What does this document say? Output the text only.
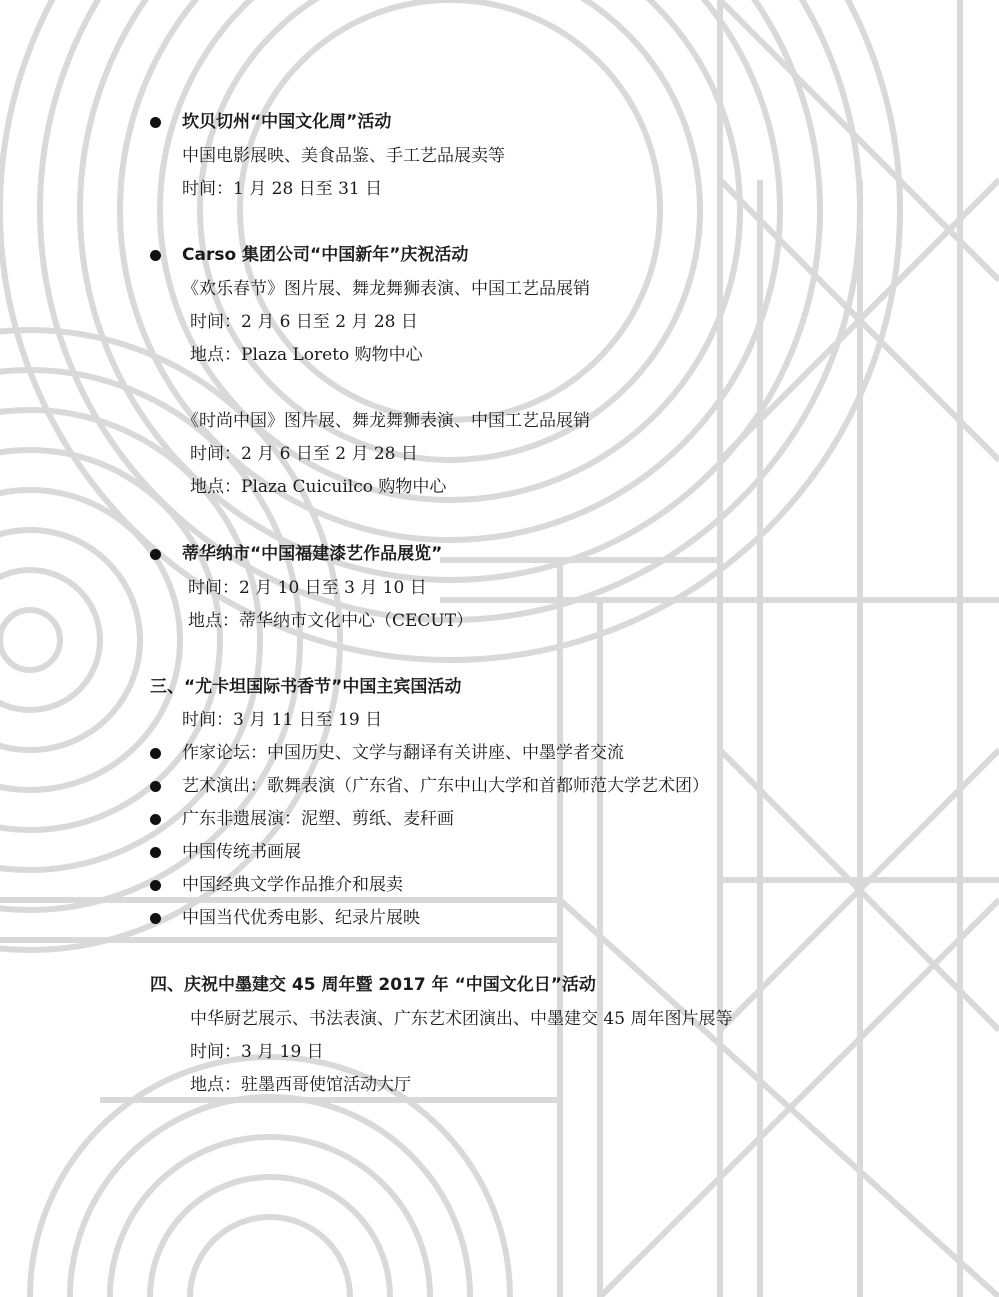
坎贝切州“中国文化周”活动
中国电影展映、美食品鉴、手工艺品展卖等
时间：1 月 28 日至 31 日
Carso 集团公司“中国新年”庆祝活动
《欢乐春节》图片展、舞龙舞狮表演、中国工艺品展销
时间：2 月 6 日至 2 月 28 日
地点：Plaza Loreto 购物中心
《时尚中国》图片展、舞龙舞狮表演、中国工艺品展销
时间：2 月 6 日至 2 月 28 日
地点：Plaza Cuicuilco 购物中心
蒂华纳市“中国福建漆艺作品展览”
时间：2 月 10 日至 3 月 10 日
地点：蒂华纳市文化中心（CECUT）
三、“尤卡坦国际书香节”中国主宾国活动
时间：3 月 11 日至 19 日
作家论坛：中国历史、文学与翻译有关讲座、中墨学者交流
艺术演出：歌舞表演（广东省、广东中山大学和首都师范大学艺术团）
广东非遗展演：泥塑、剪纸、麦秆画
中国传统书画展
中国经典文学作品推介和展卖
中国当代优秀电影、纪录片展映
四、庆祝中墨建交 45 周年暨 2017 年 “中国文化日”活动
中华厨艺展示、书法表演、广东艺术团演出、中墨建交 45 周年图片展等
时间：3 月 19 日
地点：驻墨西哥使馆活动大厅
